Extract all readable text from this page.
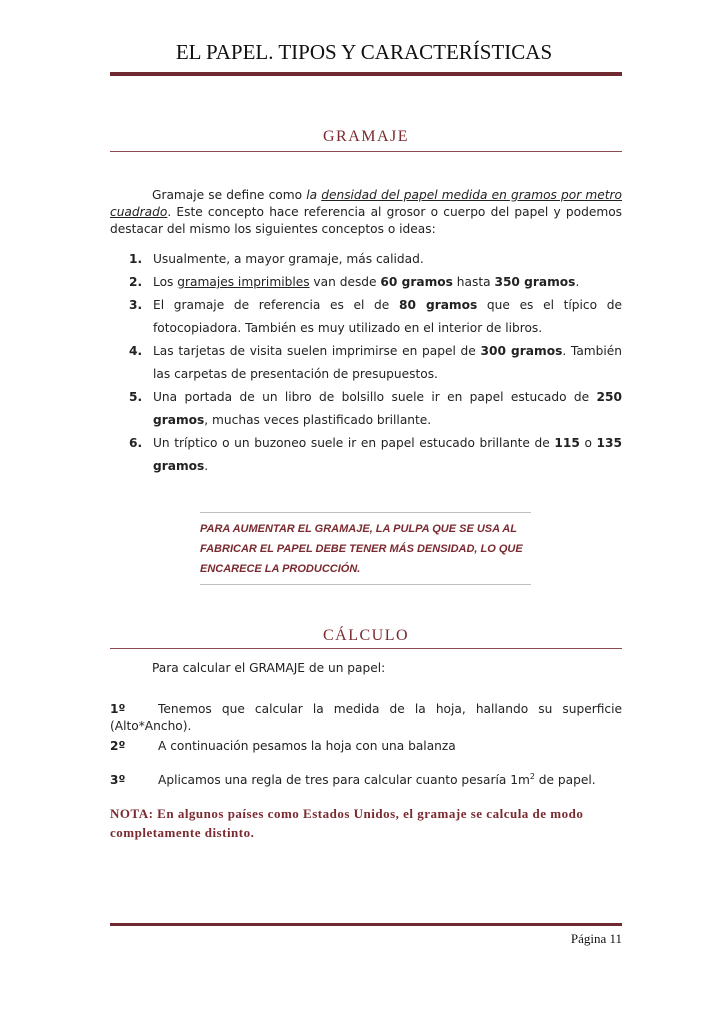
EL PAPEL. TIPOS Y CARACTERÍSTICAS
GRAMAJE
Gramaje se define como la densidad del papel medida en gramos por metro cuadrado. Este concepto hace referencia al grosor o cuerpo del papel y podemos destacar del mismo los siguientes conceptos o ideas:
1. Usualmente, a mayor gramaje, más calidad.
2. Los gramajes imprimibles van desde 60 gramos hasta 350 gramos.
3. El gramaje de referencia es el de 80 gramos que es el típico de fotocopiadora. También es muy utilizado en el interior de libros.
4. Las tarjetas de visita suelen imprimirse en papel de 300 gramos. También las carpetas de presentación de presupuestos.
5. Una portada de un libro de bolsillo suele ir en papel estucado de 250 gramos, muchas veces plastificado brillante.
6. Un tríptico o un buzoneo suele ir en papel estucado brillante de 115 o 135 gramos.
PARA AUMENTAR EL GRAMAJE, LA PULPA QUE SE USA AL FABRICAR EL PAPEL DEBE TENER MÁS DENSIDAD, LO QUE ENCARECE LA PRODUCCIÓN.
CÁLCULO
Para calcular el GRAMAJE de un papel:
1º	Tenemos que calcular la medida de la hoja, hallando su superficie (Alto*Ancho).
2º	A continuación pesamos la hoja con una balanza
3º	Aplicamos una regla de tres para calcular cuanto pesaría $1m^2$ de papel.
NOTA: En algunos países como Estados Unidos, el gramaje se calcula de modo completamente distinto.
Página 11
